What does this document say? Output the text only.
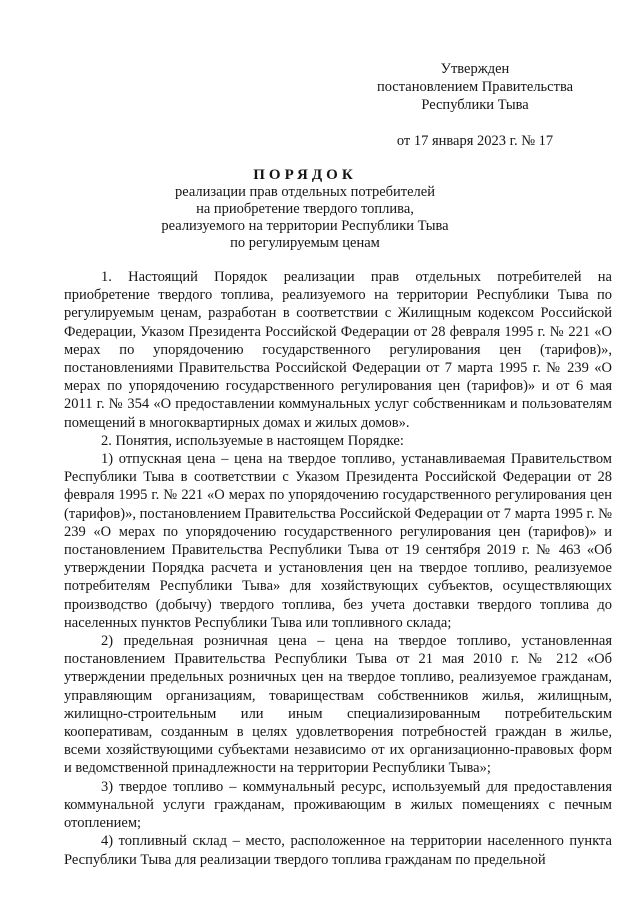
Утвержден
постановлением Правительства
Республики Тыва
от 17 января 2023 г. № 17
ПОРЯДОК
реализации прав отдельных потребителей
на приобретение твердого топлива,
реализуемого на территории Республики Тыва
по регулируемым ценам

1. Настоящий Порядок реализации прав отдельных потребителей на приобретение твердого топлива, реализуемого на территории Республики Тыва по регулируемым ценам, разработан в соответствии с Жилищным кодексом Российской Федерации, Указом Президента Российской Федерации от 28 февраля 1995 г. № 221 «О мерах по упорядочению государственного регулирования цен (тарифов)», постановлениями Правительства Российской Федерации от 7 марта 1995 г. № 239 «О мерах по упорядочению государственного регулирования цен (тарифов)» и от 6 мая 2011 г. № 354 «О предоставлении коммунальных услуг собственникам и пользователям помещений в многоквартирных домах и жилых домов».

2. Понятия, используемые в настоящем Порядке:

1) отпускная цена – цена на твердое топливо, устанавливаемая Правительством Республики Тыва в соответствии с Указом Президента Российской Федерации от 28 февраля 1995 г. № 221 «О мерах по упорядочению государственного регулирования цен (тарифов)», постановлением Правительства Российской Федерации от 7 марта 1995 г. № 239 «О мерах по упорядочению государственного регулирования цен (тарифов)» и постановлением Правительства Республики Тыва от 19 сентября 2019 г. № 463 «Об утверждении Порядка расчета и установления цен на твердое топливо, реализуемое потребителям Республики Тыва» для хозяйствующих субъектов, осуществляющих производство (добычу) твердого топлива, без учета доставки твердого топлива до населенных пунктов Республики Тыва или топливного склада;

2) предельная розничная цена – цена на твердое топливо, установленная постановлением Правительства Республики Тыва от 21 мая 2010 г. № 212 «Об утверждении предельных розничных цен на твердое топливо, реализуемое гражданам, управляющим организациям, товариществам собственников жилья, жилищным, жилищно-строительным или иным специализированным потребительским кооперативам, созданным в целях удовлетворения потребностей граждан в жилье, всеми хозяйствующими субъектами независимо от их организационно-правовых форм и ведомственной принадлежности на территории Республики Тыва»;

3) твердое топливо – коммунальный ресурс, используемый для предоставления коммунальной услуги гражданам, проживающим в жилых помещениях с печным отоплением;

4) топливный склад – место, расположенное на территории населенного пункта Республики Тыва для реализации твердого топлива гражданам по предельной
